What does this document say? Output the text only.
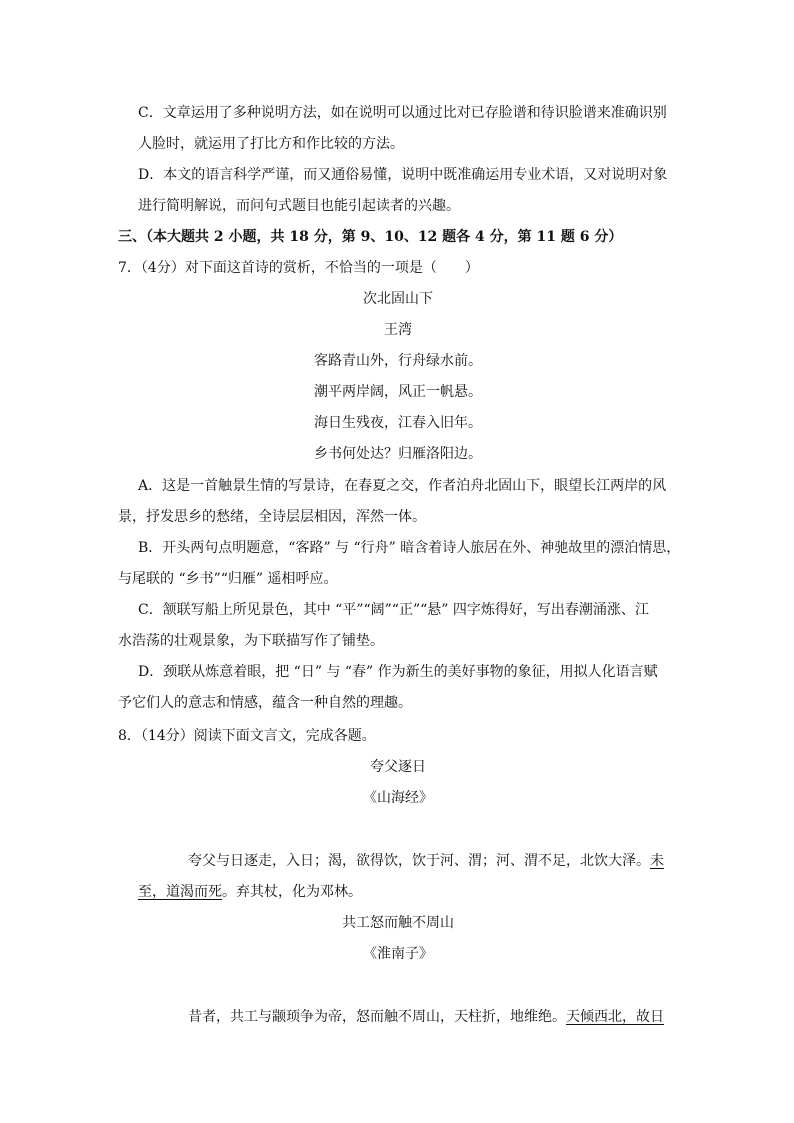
C．文章运用了多种说明方法，如在说明可以通过比对已存脸谱和待识脸谱来准确识别
人脸时，就运用了打比方和作比较的方法。
D．本文的语言科学严谨，而又通俗易懂，说明中既准确运用专业术语，又对说明对象
进行简明解说，而问句式题目也能引起读者的兴趣。
三、（本大题共 2 小题，共 18 分，第 9、10、12 题各 4 分，第 11 题 6 分）
7．（4分）对下面这首诗的赏析，不恰当的一项是（　　）
次北固山下
王湾
客路青山外，行舟绿水前。
潮平两岸阔，风正一帆悬。
海日生残夜，江春入旧年。
乡书何处达？归雁洛阳边。
A．这是一首触景生情的写景诗，在春夏之交，作者泊舟北固山下，眼望长江两岸的风
景，抒发思乡的愁绪，全诗层层相因，浑然一体。
B．开头两句点明题意，“客路” 与 “行舟” 暗含着诗人旅居在外、神驰故里的漂泊情思，
与尾联的 “乡书”“归雁” 遥相呼应。
C．颔联写船上所见景色，其中 “平”“阔”“正”“悬” 四字炼得好，写出春潮涌涨、江
水浩荡的壮观景象，为下联描写作了铺垫。
D．颈联从炼意着眼，把 “日” 与 “春” 作为新生的美好事物的象征，用拟人化语言赋
予它们人的意志和情感，蕴含一种自然的理趣。
8．（14分）阅读下面文言文，完成各题。
夸父逐日
《山海经》
夸父与日逐走，入日；渴，欲得饮，饮于河、渭；河、渭不足，北饮大泽。未
至，道渴而死。弃其杖，化为邓林。
共工怒而触不周山
《淮南子》
昔者，共工与颛顼争为帝，怒而触不周山，天柱折，地维绝。天倾西北，故日
